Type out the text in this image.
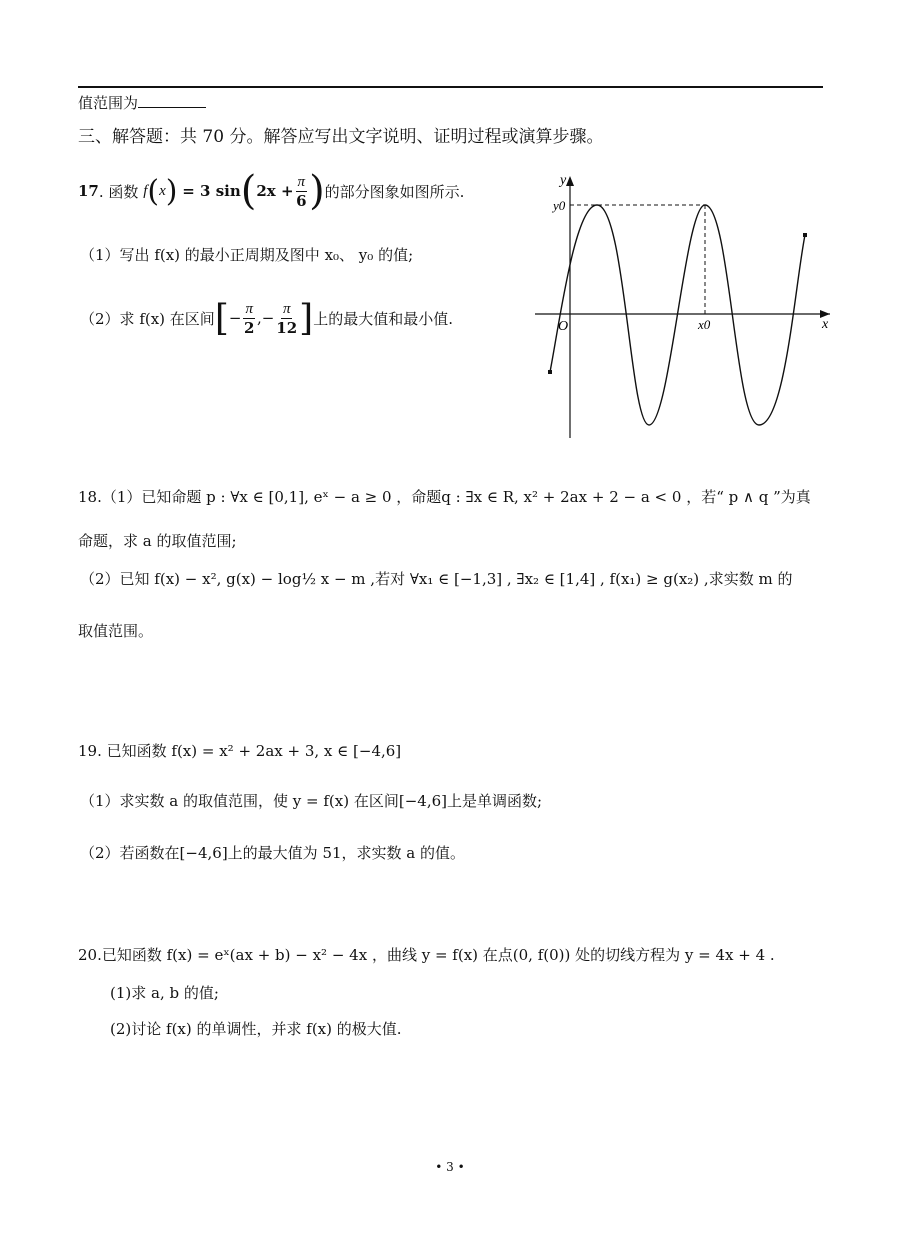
值范围为
三、解答题：共 70 分。解答应写出文字说明、证明过程或演算步骤。
17 . 函数
f ( x )
= 3 sin ( $2x + \frac{\pi}{6}$ ) 的部分图象如图所示.
（1）写出 f(x) 的最小正周期及图中 x₀、 y₀ 的值;
（2） 求 f(x) 在区间 [ − $\frac{\pi}{2}$ ,− $\frac{\pi}{12}$ ] 上的最大值和最小值.
y
x
O
y0
x0
18.（1）已知命题 p : ∀x ∈ [0,1], eˣ − a ≥ 0 ，命题q : ∃x ∈ R, x² + 2ax + 2 − a < 0 ，若“ p ∧ q ”为真
命题，求 a 的取值范围;
（2）已知 f(x) − x², g(x) − log½ x − m ,若对 ∀x₁ ∈ [−1,3] , ∃x₂ ∈ [1,4] , f(x₁) ≥ g(x₂) ,求实数 m 的
取值范围。
19. 已知函数 f(x) = x² + 2ax + 3, x ∈ [−4,6]
（1）求实数 a 的取值范围，使 y = f(x) 在区间[−4,6]上是单调函数;
（2）若函数在[−4,6]上的最大值为 51，求实数 a 的值。
20.已知函数 f(x) = eˣ(ax + b) − x² − 4x ，曲线 y = f(x) 在点(0, f(0)) 处的切线方程为 y = 4x + 4 .
(1)求 a, b 的值;
(2)讨论 f(x) 的单调性，并求 f(x) 的极大值.
• 3 •
